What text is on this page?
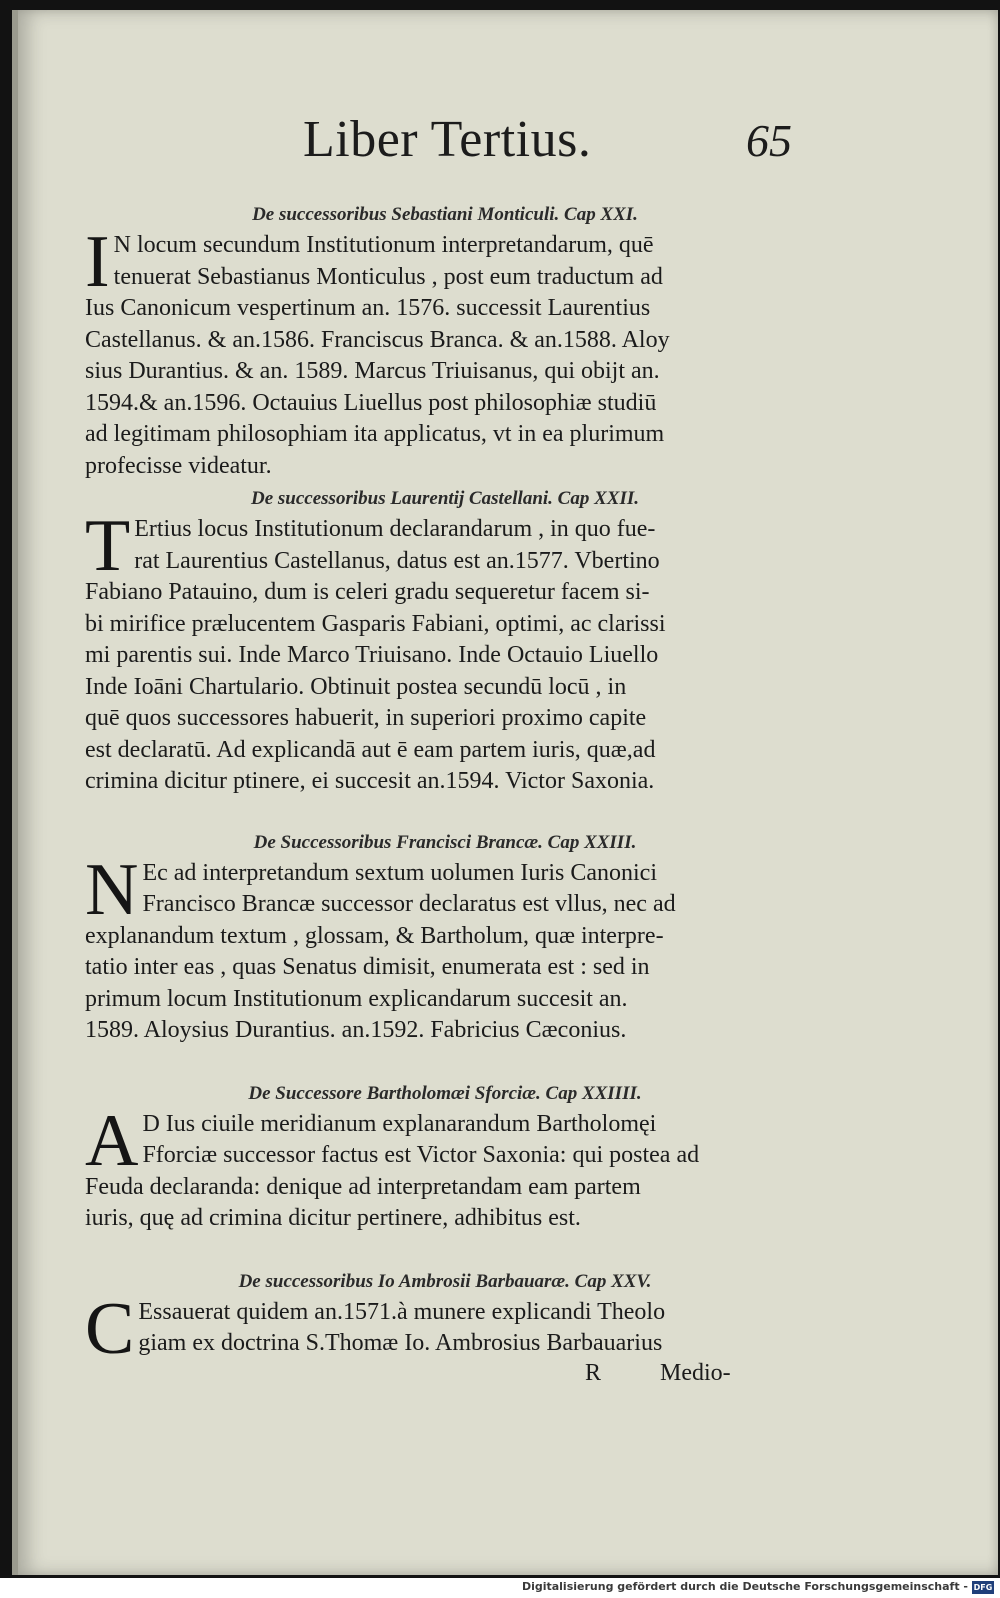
Liber Tertius.	65

De successoribus Sebastiani Monticuli. Cap XXI.

I N locum secundum Institutionum interpretandarum, quē
tenuerat Sebastianus Monticulus , post eum traductum ad
Ius Canonicum vespertinum an. 1576. successit Laurentius
Castellanus. & an.1586. Franciscus Branca. & an.1588. Aloy
sius Durantius. & an. 1589. Marcus Triuisanus, qui obijt an.
1594.& an.1596. Octauius Liuellus post philosophiæ studiū
ad legitimam philosophiam ita applicatus, vt in ea plurimum
profecisse videatur.

De successoribus Laurentij Castellani. Cap XXII.

T Ertius locus Institutionum declarandarum , in quo fue-
rat Laurentius Castellanus, datus est an.1577. Vbertino
Fabiano Patauino, dum is celeri gradu sequeretur facem si-
bi mirifice prælucentem Gasparis Fabiani, optimi, ac clarissi
mi parentis sui. Inde Marco Triuisano. Inde Octauio Liuello
Inde Ioāni Chartulario. Obtinuit postea secundū locū , in
quē quos successores habuerit, in superiori proximo capite
est declaratū. Ad explicandā aut ē eam partem iuris, quæ,ad
crimina dicitur ptinere, ei succesit an.1594. Victor Saxonia.

De Successoribus Francisci Brancæ. Cap XXIII.

N Ec ad interpretandum sextum uolumen Iuris Canonici
Francisco Brancæ successor declaratus est vllus, nec ad
explanandum textum , glossam, & Bartholum, quæ interpre-
tatio inter eas , quas Senatus dimisit, enumerata est : sed in
primum locum Institutionum explicandarum succesit an.
1589. Aloysius Durantius. an.1592. Fabricius Cæconius.

De Successore Bartholomæi Sforciæ. Cap XXIIII.

A D Ius ciuile meridianum explanarandum Bartholomęi
Fforciæ successor factus est Victor Saxonia: qui postea ad
Feuda declaranda: denique ad interpretandam eam partem
iuris, quę ad crimina dicitur pertinere, adhibitus est.

De successoribus Io Ambrosii Barbauaræ. Cap XXV.

C Essauerat quidem an.1571.à munere explicandi Theolo
giam ex doctrina S.Thomæ Io. Ambrosius Barbauarius
R Medio-
Digitalisierung gefördert durch die Deutsche Forschungsgemeinschaft - DFG
